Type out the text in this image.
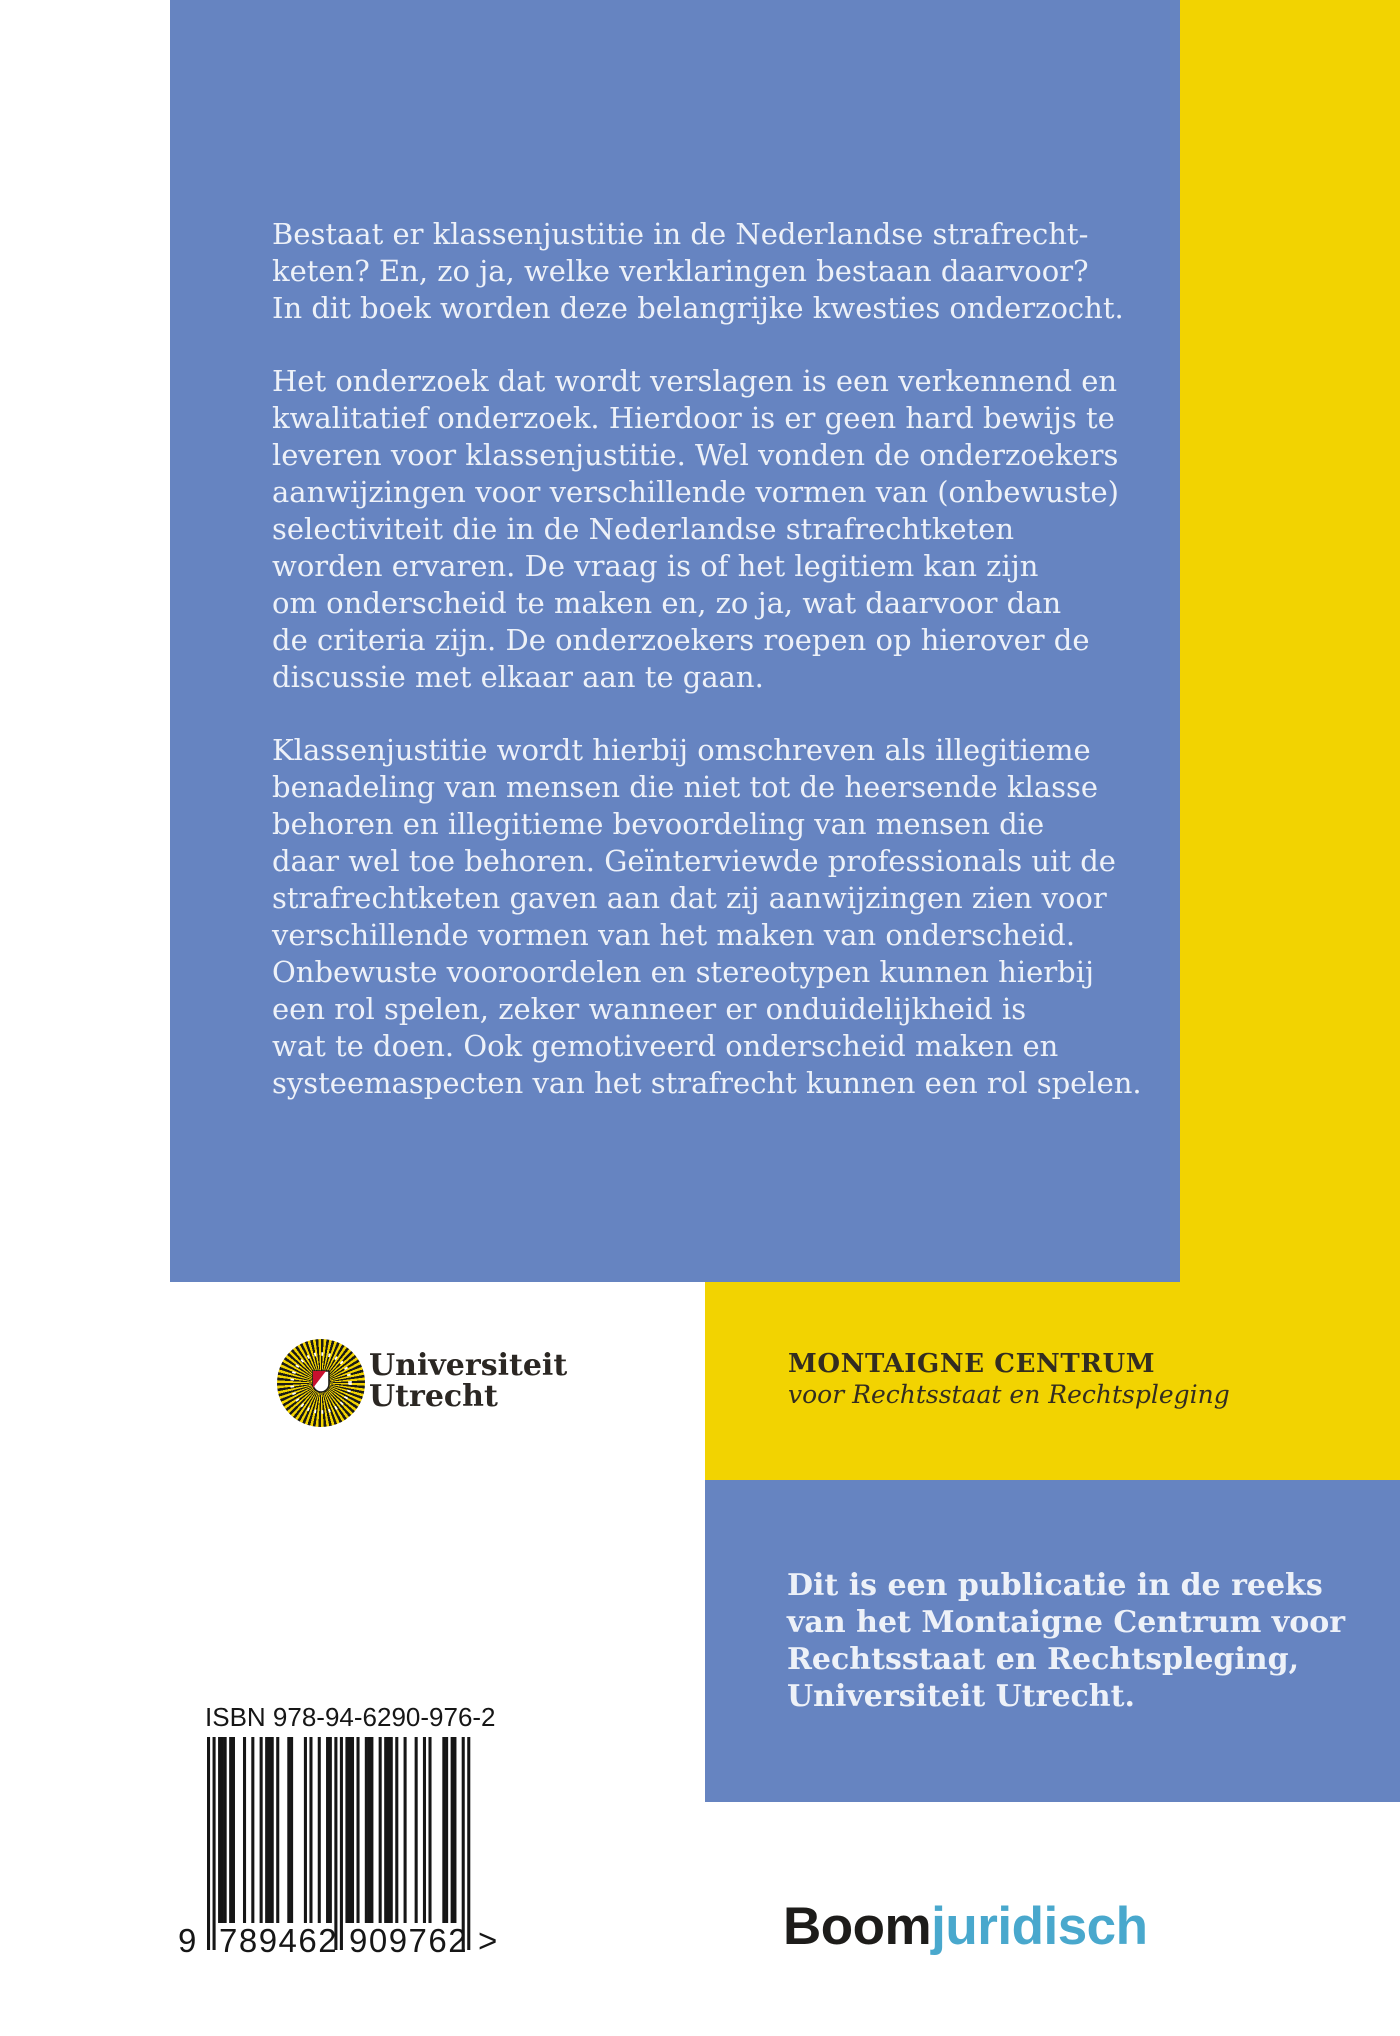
Bestaat er klassenjustitie in de Nederlandse strafrecht-
keten? En, zo ja, welke verklaringen bestaan daarvoor?
In dit boek worden deze belangrijke kwesties onderzocht.

Het onderzoek dat wordt verslagen is een verkennend en
kwalitatief onderzoek. Hierdoor is er geen hard bewijs te
leveren voor klassenjustitie. Wel vonden de onderzoekers
aanwijzingen voor verschillende vormen van (onbewuste)
selectiviteit die in de Nederlandse strafrechtketen
worden ervaren. De vraag is of het legitiem kan zijn
om onderscheid te maken en, zo ja, wat daarvoor dan
de criteria zijn. De onderzoekers roepen op hierover de
discussie met elkaar aan te gaan.

Klassenjustitie wordt hierbij omschreven als illegitieme
benadeling van mensen die niet tot de heersende klasse
behoren en illegitieme bevoordeling van mensen die
daar wel toe behoren. Geïnterviewde professionals uit de
strafrechtketen gaven aan dat zij aanwijzingen zien voor
verschillende vormen van het maken van onderscheid.
Onbewuste vooroordelen en stereotypen kunnen hierbij
een rol spelen, zeker wanneer er onduidelijkheid is
wat te doen. Ook gemotiveerd onderscheid maken en
systeemaspecten van het strafrecht kunnen een rol spelen.

MONTAIGNE CENTRUM
voor Rechtsstaat en Rechtspleging
Dit is een publicatie in de reeks
van het Montaigne Centrum voor
Rechtsstaat en Rechtspleging,
Universiteit Utrecht.
Universiteit
Utrecht
ISBN 978-94-6290-976-2
9 789462 909762 >	Boomjuridisch
